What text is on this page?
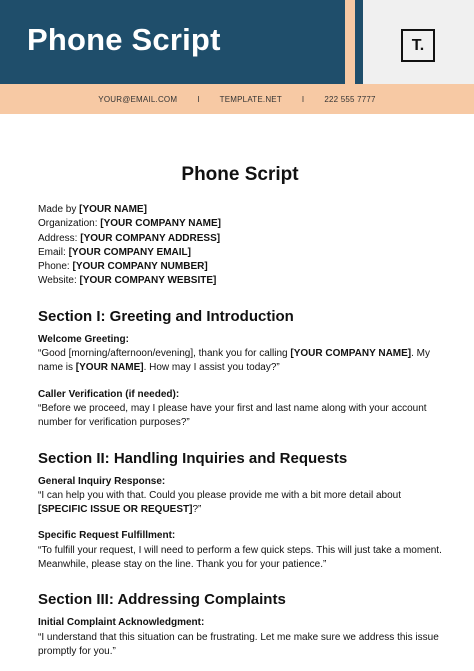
Phone Script	T.
YOUR@EMAIL.COM	I	TEMPLATE.NET	I	222 555 7777
Phone Script
Made by [YOUR NAME]
Organization: [YOUR COMPANY NAME]
Address: [YOUR COMPANY ADDRESS]
Email: [YOUR COMPANY EMAIL]
Phone: [YOUR COMPANY NUMBER]
Website: [YOUR COMPANY WEBSITE]
Section I: Greeting and Introduction
Welcome Greeting:
“Good [morning/afternoon/evening], thank you for calling [YOUR COMPANY NAME]. My name is [YOUR NAME]. How may I assist you today?”
Caller Verification (if needed):
“Before we proceed, may I please have your first and last name along with your account number for verification purposes?”
Section II: Handling Inquiries and Requests
General Inquiry Response:
“I can help you with that. Could you please provide me with a bit more detail about [SPECIFIC ISSUE OR REQUEST]?”
Specific Request Fulfillment:
“To fulfill your request, I will need to perform a few quick steps. This will just take a moment. Meanwhile, please stay on the line. Thank you for your patience.”
Section III: Addressing Complaints
Initial Complaint Acknowledgment:
“I understand that this situation can be frustrating. Let me make sure we address this issue promptly for you.”
